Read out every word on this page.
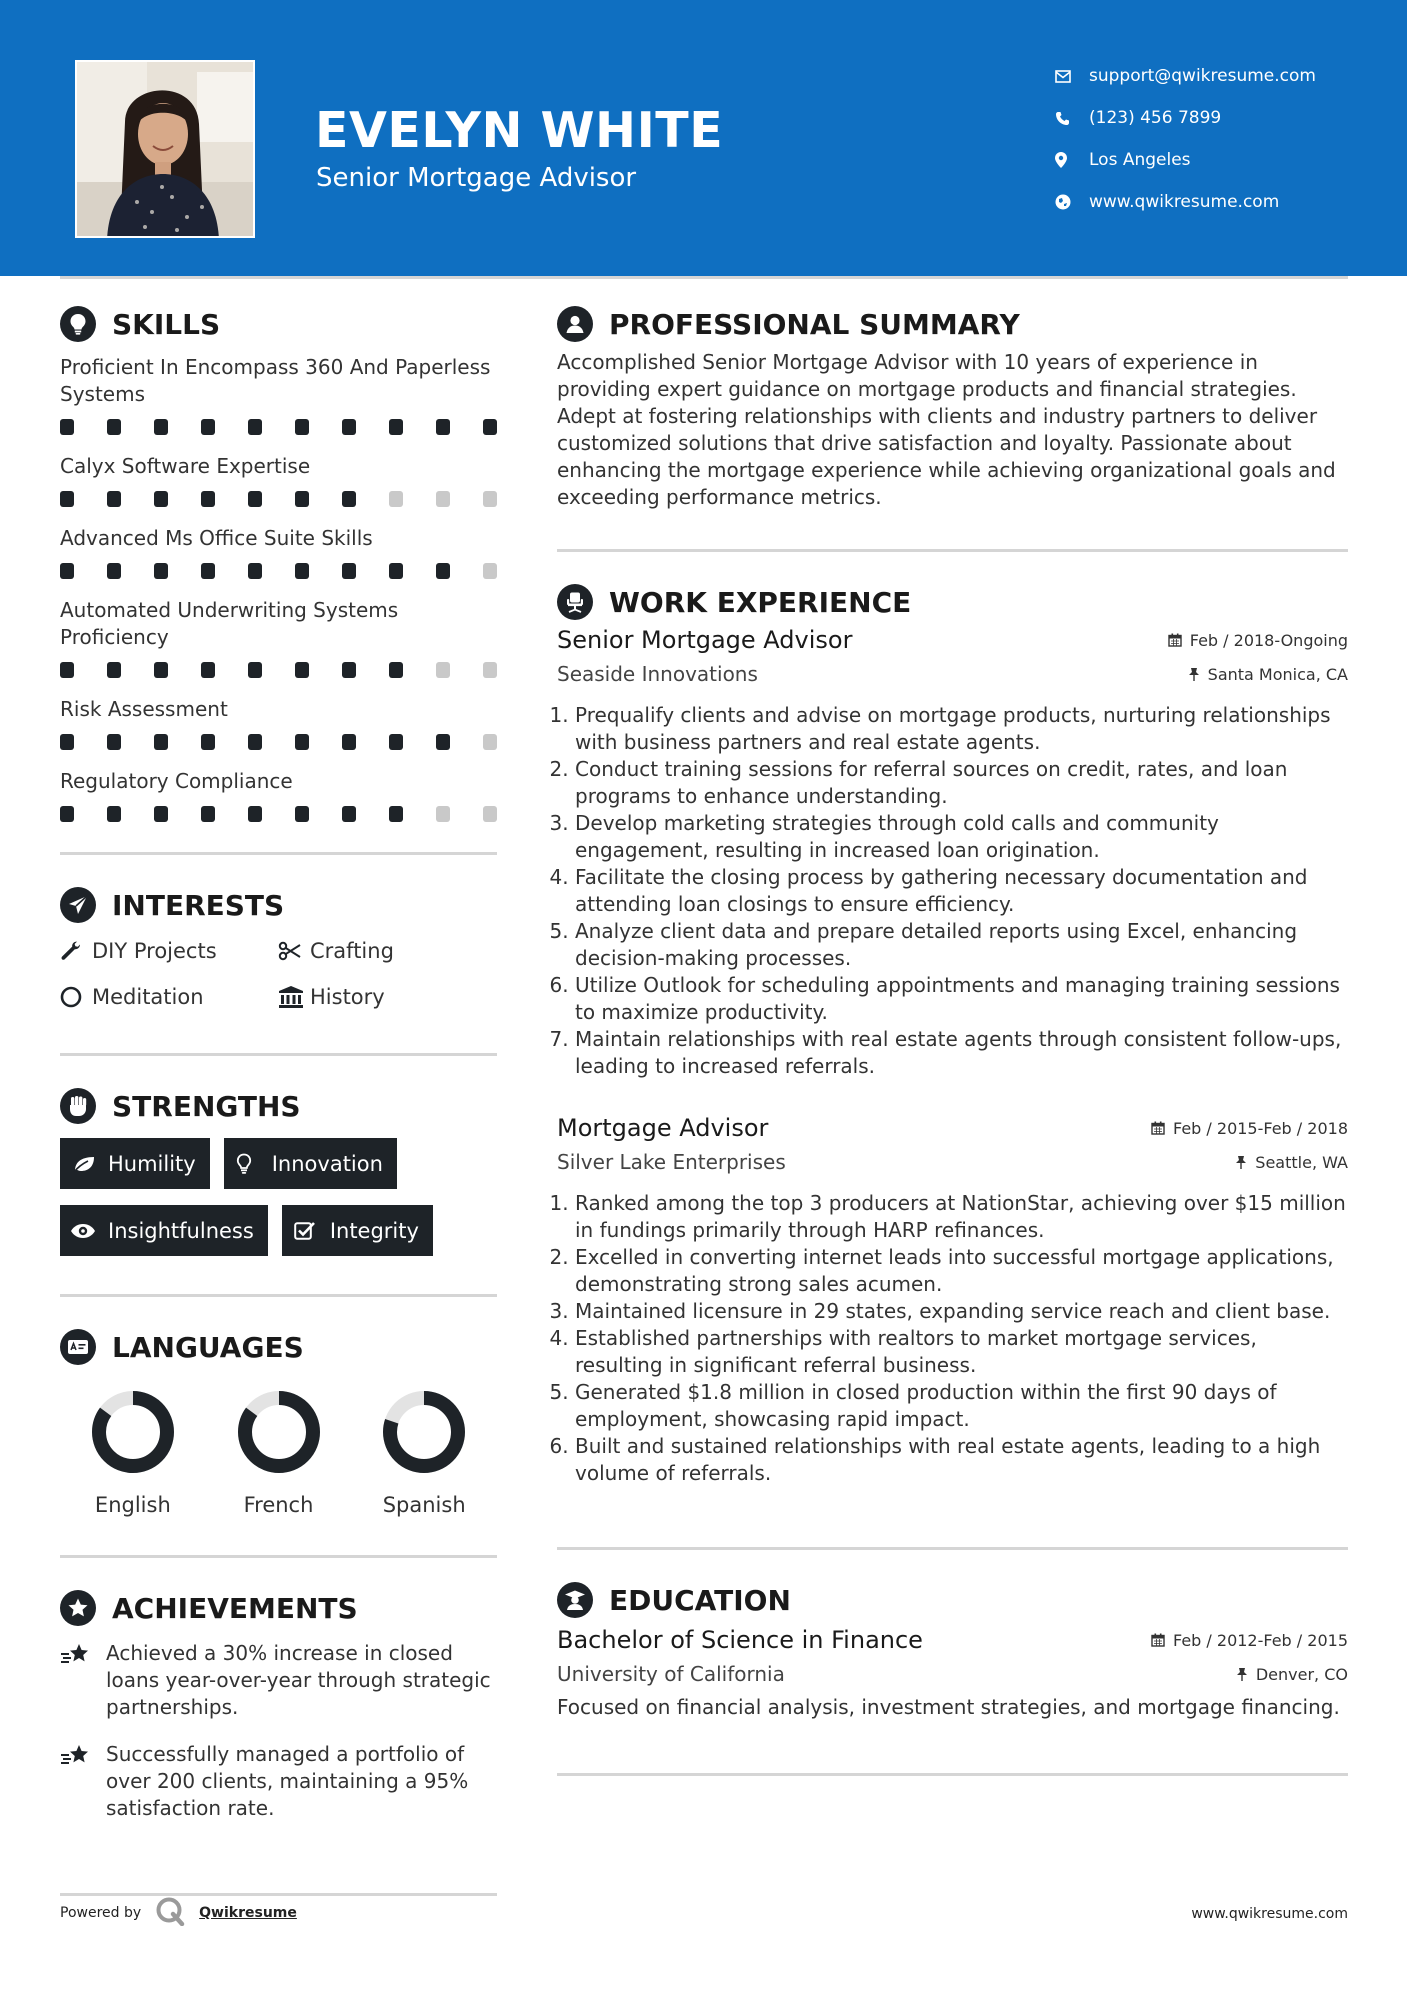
EVELYN WHITE
Senior Mortgage Advisor
support@qwikresume.com
(123) 456 7899
Los Angeles
www.qwikresume.com
SKILLS
Proficient In Encompass 360 And Paperless Systems
Calyx Software Expertise
Advanced Ms Office Suite Skills
Automated Underwriting Systems Proficiency
Risk Assessment
Regulatory Compliance
INTERESTS
DIY Projects	Crafting
Meditation	History
STRENGTHS
Humility	Innovation
Insightfulness	Integrity
LANGUAGES
English	French	Spanish
ACHIEVEMENTS
Achieved a 30% increase in closed loans year-over-year through strategic partnerships.
Successfully managed a portfolio of over 200 clients, maintaining a 95% satisfaction rate.
PROFESSIONAL SUMMARY

Accomplished Senior Mortgage Advisor with 10 years of experience in providing expert guidance on mortgage products and financial strategies. Adept at fostering relationships with clients and industry partners to deliver customized solutions that drive satisfaction and loyalty. Passionate about enhancing the mortgage experience while achieving organizational goals and exceeding performance metrics.

WORK EXPERIENCE
Senior Mortgage Advisor	Feb / 2018-Ongoing
Seaside Innovations	Santa Monica, CA
1. Prequalify clients and advise on mortgage products, nurturing relationships with business partners and real estate agents.
2. Conduct training sessions for referral sources on credit, rates, and loan programs to enhance understanding.
3. Develop marketing strategies through cold calls and community engagement, resulting in increased loan origination.
4. Facilitate the closing process by gathering necessary documentation and attending loan closings to ensure efficiency.
5. Analyze client data and prepare detailed reports using Excel, enhancing decision-making processes.
6. Utilize Outlook for scheduling appointments and managing training sessions to maximize productivity.
7. Maintain relationships with real estate agents through consistent follow-ups, leading to increased referrals.
Mortgage Advisor	Feb / 2015-Feb / 2018
Silver Lake Enterprises	Seattle, WA
1. Ranked among the top 3 producers at NationStar, achieving over $15 million in fundings primarily through HARP refinances.
2. Excelled in converting internet leads into successful mortgage applications, demonstrating strong sales acumen.
3. Maintained licensure in 29 states, expanding service reach and client base.
4. Established partnerships with realtors to market mortgage services, resulting in significant referral business.
5. Generated $1.8 million in closed production within the first 90 days of employment, showcasing rapid impact.
6. Built and sustained relationships with real estate agents, leading to a high volume of referrals.
EDUCATION
Bachelor of Science in Finance	Feb / 2012-Feb / 2015
University of California	Denver, CO

Focused on financial analysis, investment strategies, and mortgage financing.

Powered by	Qwikresume	www.qwikresume.com
